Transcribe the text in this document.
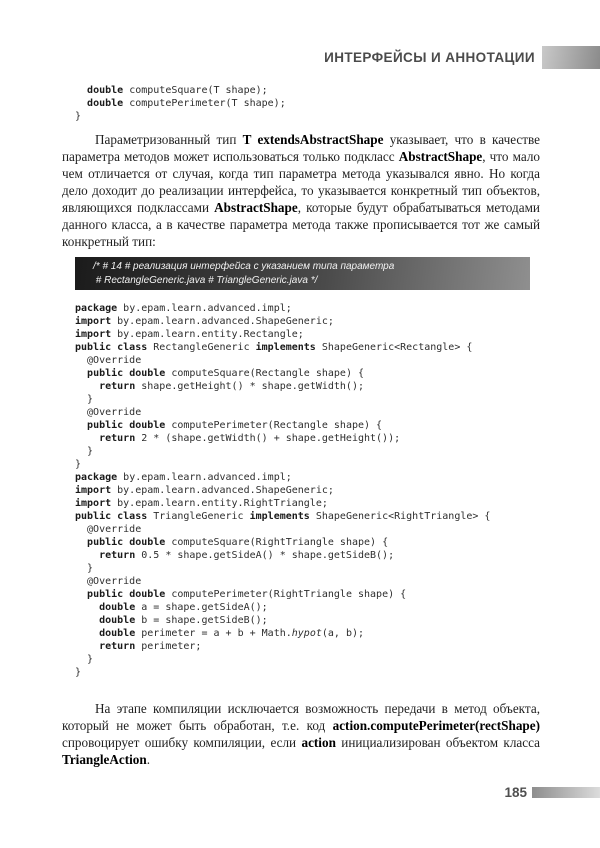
ИНТЕРФЕЙСЫ И АННОТАЦИИ
double computeSquare(T shape);
double computePerimeter(T shape);
}

Параметризованный тип T extendsAbstractShape указывает, что в качестве параметра методов может использоваться только подкласс AbstractShape, что мало чем отличается от случая, когда тип параметра метода указывался явно. Но когда дело доходит до реализации интерфейса, то указывается конкретный тип объектов, являющихся подклассами AbstractShape, которые будут обрабатываться методами данного класса, а в качестве параметра метода также прописывается тот же самый конкретный тип:

/* # 14 # реализация интерфейса с указанием типа параметра
# RectangleGeneric.java # TriangleGeneric.java */
package by.epam.learn.advanced.impl;
import by.epam.learn.advanced.ShapeGeneric;
import by.epam.learn.entity.Rectangle;
public class RectangleGeneric implements ShapeGeneric<Rectangle> {
@Override
public double computeSquare(Rectangle shape) {
return shape.getHeight() * shape.getWidth();
}
@Override
public double computePerimeter(Rectangle shape) {
return 2 * (shape.getWidth() + shape.getHeight());
}
}
package by.epam.learn.advanced.impl;
import by.epam.learn.advanced.ShapeGeneric;
import by.epam.learn.entity.RightTriangle;
public class TriangleGeneric implements ShapeGeneric<RightTriangle> {
@Override
public double computeSquare(RightTriangle shape) {
return 0.5 * shape.getSideA() * shape.getSideB();
}
@Override
public double computePerimeter(RightTriangle shape) {
double a = shape.getSideA();
double b = shape.getSideB();
double perimeter = a + b + Math.hypot(a, b);
return perimeter;
}
}

На этапе компиляции исключается возможность передачи в метод объекта, который не может быть обработан, т.е. код action.computePerimeter(rectShape) спровоцирует ошибку компиляции, если action инициализирован объектом класса TriangleAction.

185
